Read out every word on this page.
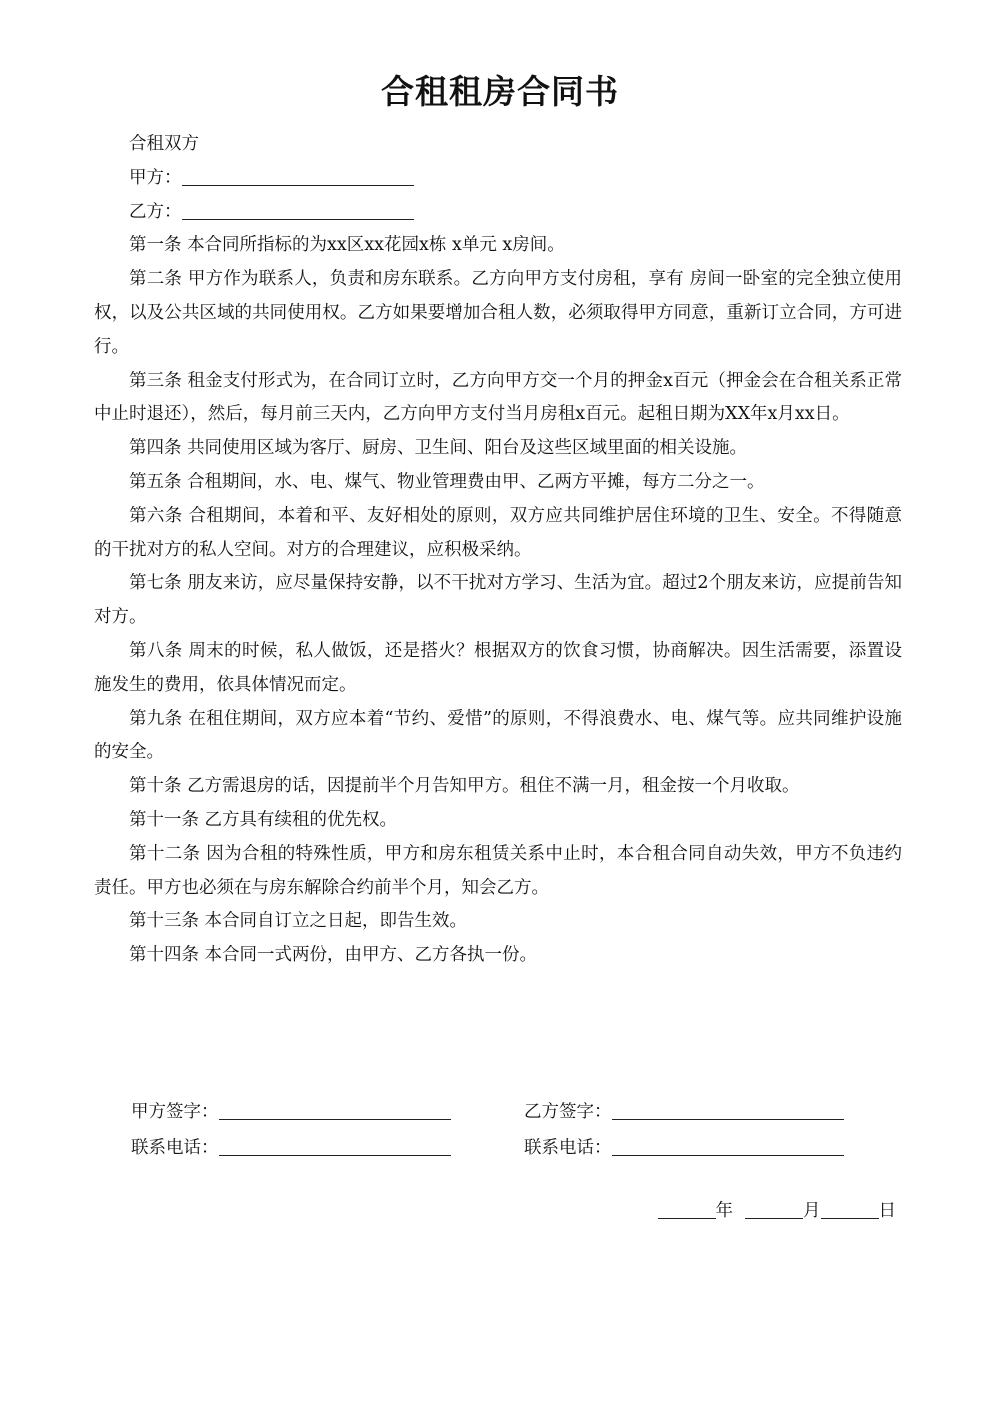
合租租房合同书

合租双方

甲方：

乙方：

第一条 本合同所指标的为xx区xx花园x栋 x单元 x房间。

第二条 甲方作为联系人，负责和房东联系。乙方向甲方支付房租，享有 房间一卧室的完全独立使用权，以及公共区域的共同使用权。乙方如果要增加合租人数，必须取得甲方同意，重新订立合同，方可进行。

第三条 租金支付形式为，在合同订立时，乙方向甲方交一个月的押金x百元（押金会在合租关系正常中止时退还），然后，每月前三天内，乙方向甲方支付当月房租x百元。起租日期为XX年x月xx日。

第四条 共同使用区域为客厅、厨房、卫生间、阳台及这些区域里面的相关设施。

第五条 合租期间，水、电、煤气、物业管理费由甲、乙两方平摊，每方二分之一。

第六条 合租期间，本着和平、友好相处的原则，双方应共同维护居住环境的卫生、安全。不得随意的干扰对方的私人空间。对方的合理建议，应积极采纳。

第七条 朋友来访，应尽量保持安静，以不干扰对方学习、生活为宜。超过2个朋友来访，应提前告知对方。

第八条 周末的时候，私人做饭，还是搭火？根据双方的饮食习惯，协商解决。因生活需要，添置设施发生的费用，依具体情况而定。

第九条 在租住期间，双方应本着“节约、爱惜”的原则，不得浪费水、电、煤气等。应共同维护设施的安全。

第十条 乙方需退房的话，因提前半个月告知甲方。租住不满一月，租金按一个月收取。

第十一条 乙方具有续租的优先权。

第十二条 因为合租的特殊性质，甲方和房东租赁关系中止时，本合租合同自动失效，甲方不负违约责任。甲方也必须在与房东解除合约前半个月，知会乙方。

第十三条 本合同自订立之日起，即告生效。

第十四条 本合同一式两份，由甲方、乙方各执一份。

甲方签字：
联系电话：
乙方签字：
联系电话：
年	月	日
